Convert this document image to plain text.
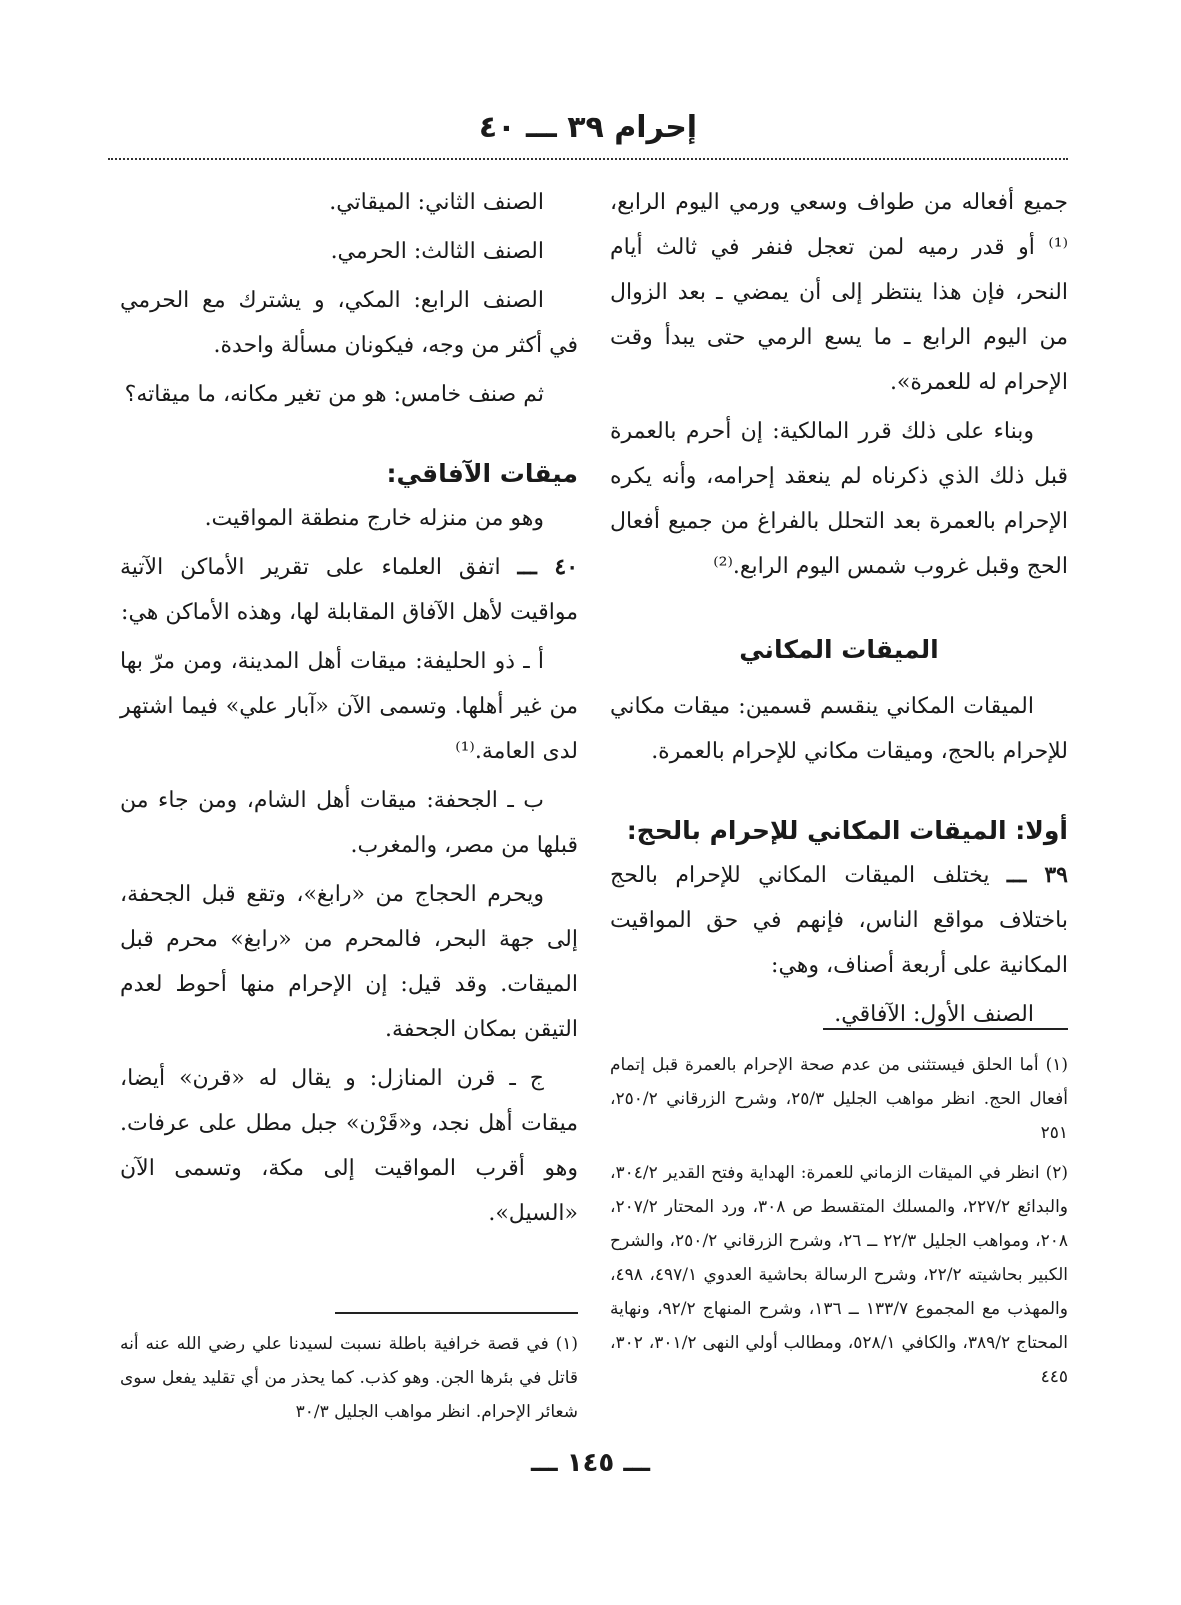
إحرام ٣٩ ـــ ٤٠

جميع أفعاله من طواف وسعي ورمي اليوم الرابع،⁽¹⁾ أو قدر رميه لمن تعجل فنفر في ثالث أيام النحر، فإن هذا ينتظر إلى أن يمضي ـ بعد الزوال من اليوم الرابع ـ ما يسع الرمي حتى يبدأ وقت الإحرام له للعمرة».

وبناء على ذلك قرر المالكية: إن أحرم بالعمرة قبل ذلك الذي ذكرناه لم ينعقد إحرامه، وأنه يكره الإحرام بالعمرة بعد التحلل بالفراغ من جميع أفعال الحج وقبل غروب شمس اليوم الرابع.⁽²⁾

الميقات المكاني

الميقات المكاني ينقسم قسمين: ميقات مكاني للإحرام بالحج، وميقات مكاني للإحرام بالعمرة.

أولا: الميقات المكاني للإحرام بالحج:

٣٩ ـــ يختلف الميقات المكاني للإحرام بالحج باختلاف مواقع الناس، فإنهم في حق المواقيت المكانية على أربعة أصناف، وهي:

الصنف الأول: الآفاقي.

(١) أما الحلق فيستثنى من عدم صحة الإحرام بالعمرة قبل إتمام أفعال الحج. انظر مواهب الجليل ٢٥/٣، وشرح الزرقاني ٢٥٠/٢، ٢٥١

(٢) انظر في الميقات الزماني للعمرة: الهداية وفتح القدير ٣٠٤/٢، والبدائع ٢٢٧/٢، والمسلك المتقسط ص ٣٠٨، ورد المحتار ٢٠٧/٢، ٢٠٨، ومواهب الجليل ٢٢/٣ ــ ٢٦، وشرح الزرقاني ٢٥٠/٢، والشرح الكبير بحاشيته ٢٢/٢، وشرح الرسالة بحاشية العدوي ٤٩٧/١، ٤٩٨، والمهذب مع المجموع ١٣٣/٧ ــ ١٣٦، وشرح المنهاج ٩٢/٢، ونهاية المحتاج ٣٨٩/٢، والكافي ٥٢٨/١، ومطالب أولي النهى ٣٠١/٢، ٣٠٢، ٤٤٥

الصنف الثاني: الميقاتي.

الصنف الثالث: الحرمي.

الصنف الرابع: المكي، و يشترك مع الحرمي في أكثر من وجه، فيكونان مسألة واحدة.

ثم صنف خامس: هو من تغير مكانه، ما ميقاته؟

ميقات الآفاقي:

وهو من منزله خارج منطقة المواقيت.

٤٠ ـــ اتفق العلماء على تقرير الأماكن الآتية مواقيت لأهل الآفاق المقابلة لها، وهذه الأماكن هي:

أ ـ ذو الحليفة: ميقات أهل المدينة، ومن مرّ بها من غير أهلها. وتسمى الآن «آبار علي» فيما اشتهر لدى العامة.⁽¹⁾

ب ـ الجحفة: ميقات أهل الشام، ومن جاء من قبلها من مصر، والمغرب.

ويحرم الحجاج من «رابغ»، وتقع قبل الجحفة، إلى جهة البحر، فالمحرم من «رابغ» محرم قبل الميقات. وقد قيل: إن الإحرام منها أحوط لعدم التيقن بمكان الجحفة.

ج ـ قرن المنازل: و يقال له «قرن» أيضا، ميقات أهل نجد، و«قَرْن» جبل مطل على عرفات. وهو أقرب المواقيت إلى مكة، وتسمى الآن «السيل».

(١) في قصة خرافية باطلة نسبت لسيدنا علي رضي الله عنه أنه قاتل في بئرها الجن. وهو كذب. كما يحذر من أي تقليد يفعل سوى شعائر الإحرام. انظر مواهب الجليل ٣٠/٣

ـــ ١٤٥ ـــ
